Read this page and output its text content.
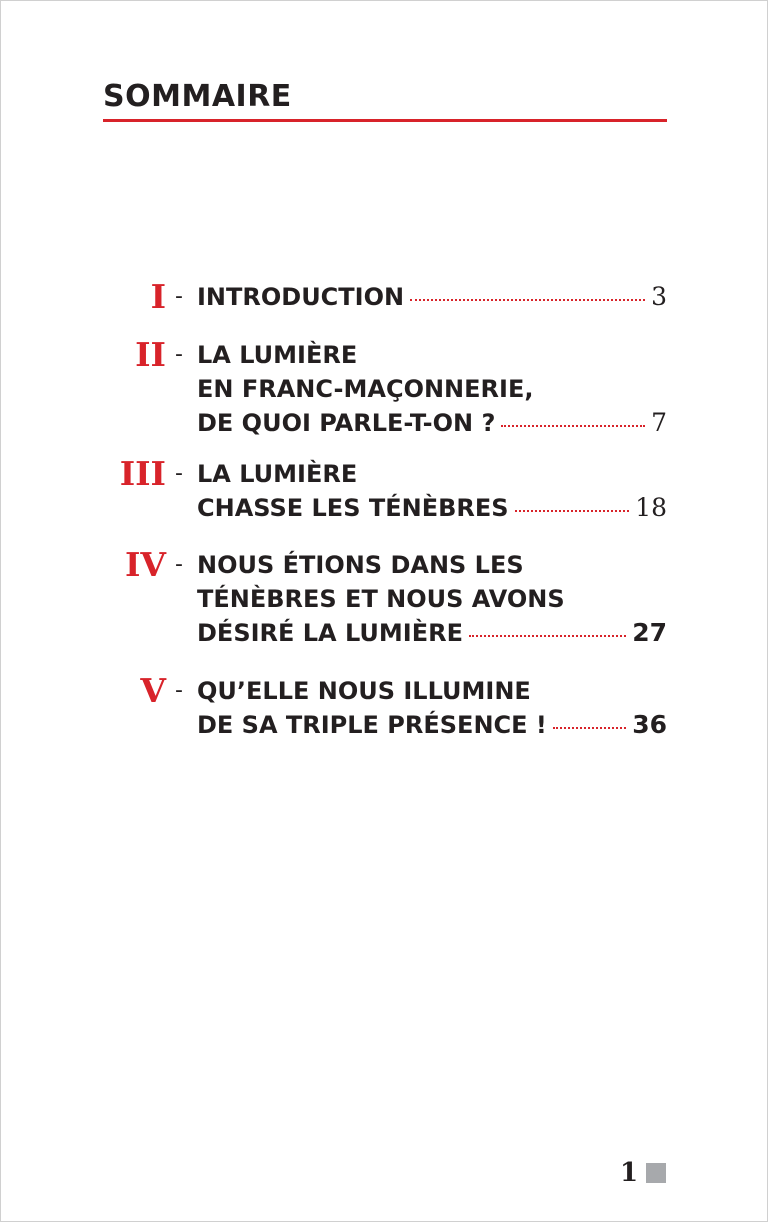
SOMMAIRE
I - INTRODUCTION	3
II - LA LUMIÈRE
EN FRANC-MAÇONNERIE,
DE QUOI PARLE-T-ON ?	7
III - LA LUMIÈRE
CHASSE LES TÉNÈBRES	18
IV - NOUS ÉTIONS DANS LES
TÉNÈBRES ET NOUS AVONS
DÉSIRÉ LA LUMIÈRE	27
V - QU’ELLE NOUS ILLUMINE
DE SA TRIPLE PRÉSENCE !	36
1
